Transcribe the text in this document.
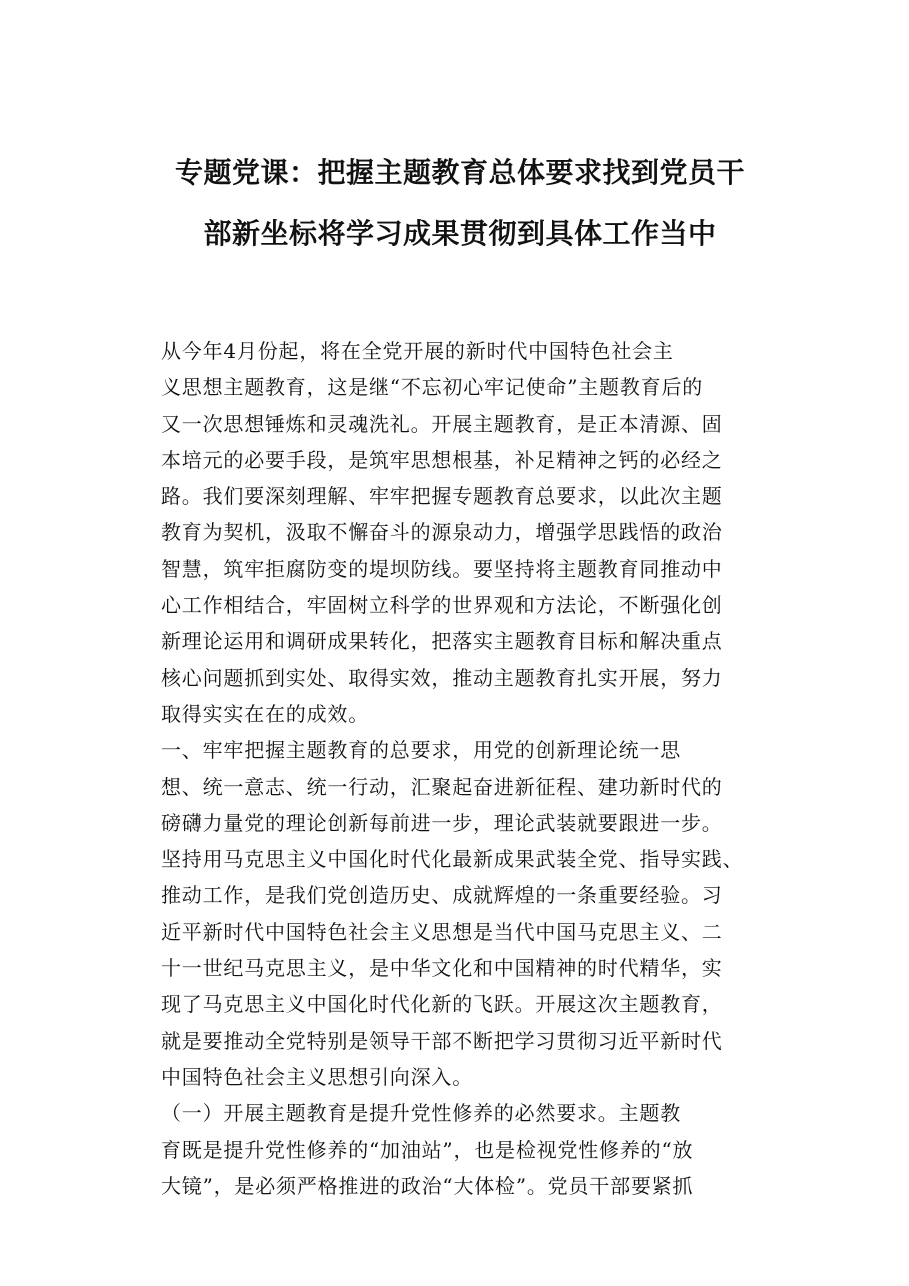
专题党课：把握主题教育总体要求找到党员干
部新坐标将学习成果贯彻到具体工作当中

从今年4月份起，将在全党开展的新时代中国特色社会主
义思想主题教育，这是继“不忘初心牢记使命”主题教育后的
又一次思想锤炼和灵魂洗礼。开展主题教育，是正本清源、固
本培元的必要手段，是筑牢思想根基，补足精神之钙的必经之
路。我们要深刻理解、牢牢把握专题教育总要求，以此次主题
教育为契机，汲取不懈奋斗的源泉动力，增强学思践悟的政治
智慧，筑牢拒腐防变的堤坝防线。要坚持将主题教育同推动中
心工作相结合，牢固树立科学的世界观和方法论，不断强化创
新理论运用和调研成果转化，把落实主题教育目标和解决重点
核心问题抓到实处、取得实效，推动主题教育扎实开展，努力
取得实实在在的成效。

一、牢牢把握主题教育的总要求，用党的创新理论统一思
想、统一意志、统一行动，汇聚起奋进新征程、建功新时代的
磅礴力量党的理论创新每前进一步，理论武装就要跟进一步。
坚持用马克思主义中国化时代化最新成果武装全党、指导实践、
推动工作，是我们党创造历史、成就辉煌的一条重要经验。习
近平新时代中国特色社会主义思想是当代中国马克思主义、二
十一世纪马克思主义，是中华文化和中国精神的时代精华，实
现了马克思主义中国化时代化新的飞跃。开展这次主题教育，
就是要推动全党特别是领导干部不断把学习贯彻习近平新时代
中国特色社会主义思想引向深入。

（一）开展主题教育是提升党性修养的必然要求。主题教
育既是提升党性修养的“加油站”，也是检视党性修养的“放
大镜”，是必须严格推进的政治“大体检”。党员干部要紧抓
